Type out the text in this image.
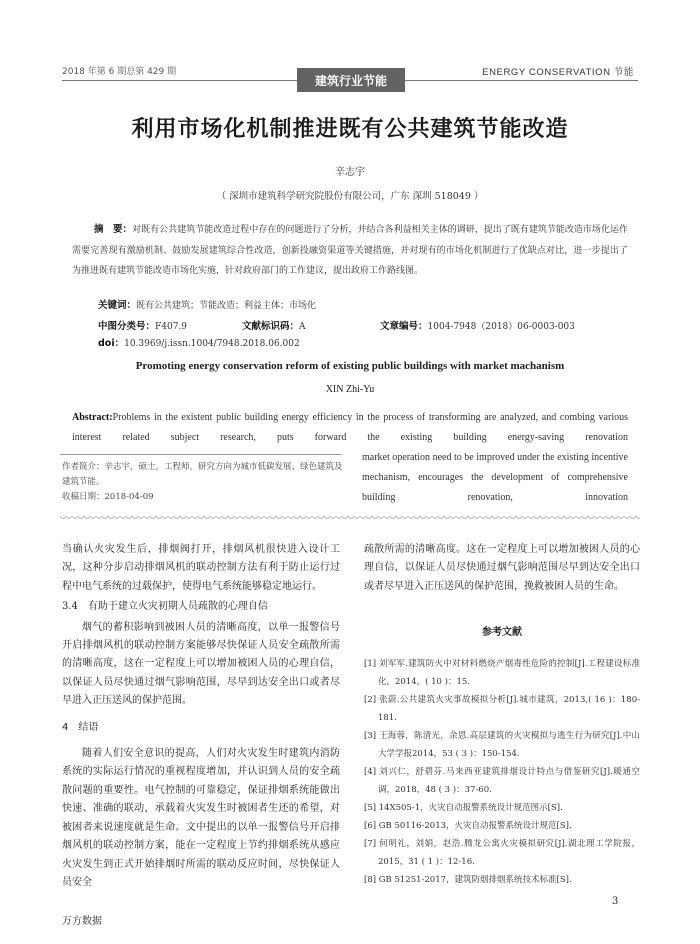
2018 年第 6 期总第 429 期	ENERGY CONSERVATION 节能
建筑行业节能
利用市场化机制推进既有公共建筑节能改造
辛志宇
（ 深圳市建筑科学研究院股份有限公司，广东 深圳 518049 ）
摘　要：对既有公共建筑节能改造过程中存在的问题进行了分析，并结合各利益相关主体的调研，提出了既有建筑节能改造市场化运作需要完善现有激励机制、鼓励发展建筑综合性改造，创新投融资渠道等关键措施，并对现有的市场化机制进行了优缺点对比，进一步提出了为推进既有建筑节能改造市场化实施，针对政府部门的工作建议，提出政府工作路线图。
关键词：既有公共建筑；节能改造；利益主体；市场化
中图分类号：F407.9	文献标识码：A	文章编号：1004-7948（2018）06-0003-003
doi：10.3969/j.issn.1004/7948.2018.06.002
Promoting energy conservation reform of existing public buildings with market machanism
XIN Zhi-Yu
Abstract:Problems in the existent public building energy efficiency in the process of transforming are analyzed, and combing various interest related subject research, puts forward the existing building energy-saving renovation
market operation need to be improved under the existing incentive mechanism, encourages the development of comprehensive building renovation, innovation

作者简介：辛志宇，硕士，工程师，研究方向为城市低碳发展、绿色建筑及建筑节能。

收稿日期：2018-04-09

当确认火灾发生后，排烟阀打开，排烟风机很快进入设计工况，这种分步启动排烟风机的联动控制方法有利于防止运行过程中电气系统的过载保护，使得电气系统能够稳定地运行。

3.4　有助于建立火灾初期人员疏散的心理自信

烟气的蓄积影响到被困人员的清晰高度，以单一报警信号开启排烟风机的联动控制方案能够尽快保证人员安全疏散所需的清晰高度，这在一定程度上可以增加被困人员的心理自信，以保证人员尽快通过烟气影响范围，尽早到达安全出口或者尽早进入正压送风的保护范围。

4　结语

随着人们安全意识的提高，人们对火灾发生时建筑内消防系统的实际运行情况的重视程度增加，并认识到人员的安全疏散问题的重要性。电气控制的可靠稳定，保证排烟系统能做出快速、准确的联动，承载着火灾发生时被困者生还的希望，对被困者来说速度就是生命。文中提出的以单一报警信号开启排烟风机的联动控制方案，能在一定程度上节约排烟系统从感应火灾发生到正式开始排烟时所需的联动反应时间，尽快保证人员安全

疏散所需的清晰高度。这在一定程度上可以增加被困人员的心理自信，以保证人员尽快通过烟气影响范围尽早到达安全出口或者尽早进入正压送风的保护范围，挽救被困人员的生命。

参考文献

[1] 刘军军.建筑防火中对材料燃烧产烟毒性危险的控制[J].工程建设标准化，2014，( 10 )：15.
[2] 张蔚.公共建筑火灾事故模拟分析[J].城市建筑，2013,( 16 )：180-181.
[3] 王海蓉，陈清光，余恩.高层建筑的火灾模拟与逃生行为研究[J].中山大学学报2014，53 ( 3 )：150-154.
[4] 刘兴仁，舒碧芬.马来西亚建筑排烟设计特点与借鉴研究[J].暖通空调，2018，48 ( 3 )：37-60.
[5] 14X505-1，火灾自动报警系统设计规范图示[S].
[6] GB 50116-2013，火灾自动报警系统设计规范[S].
[7] 何明礼，刘娟，赵浩.腾龙公寓火灾模拟研究[J].湖北理工学院报，2015，31 ( 1 )：12-16.
[8] GB 51251-2017，建筑防烟排烟系统技术标准[S].
3
万方数据
